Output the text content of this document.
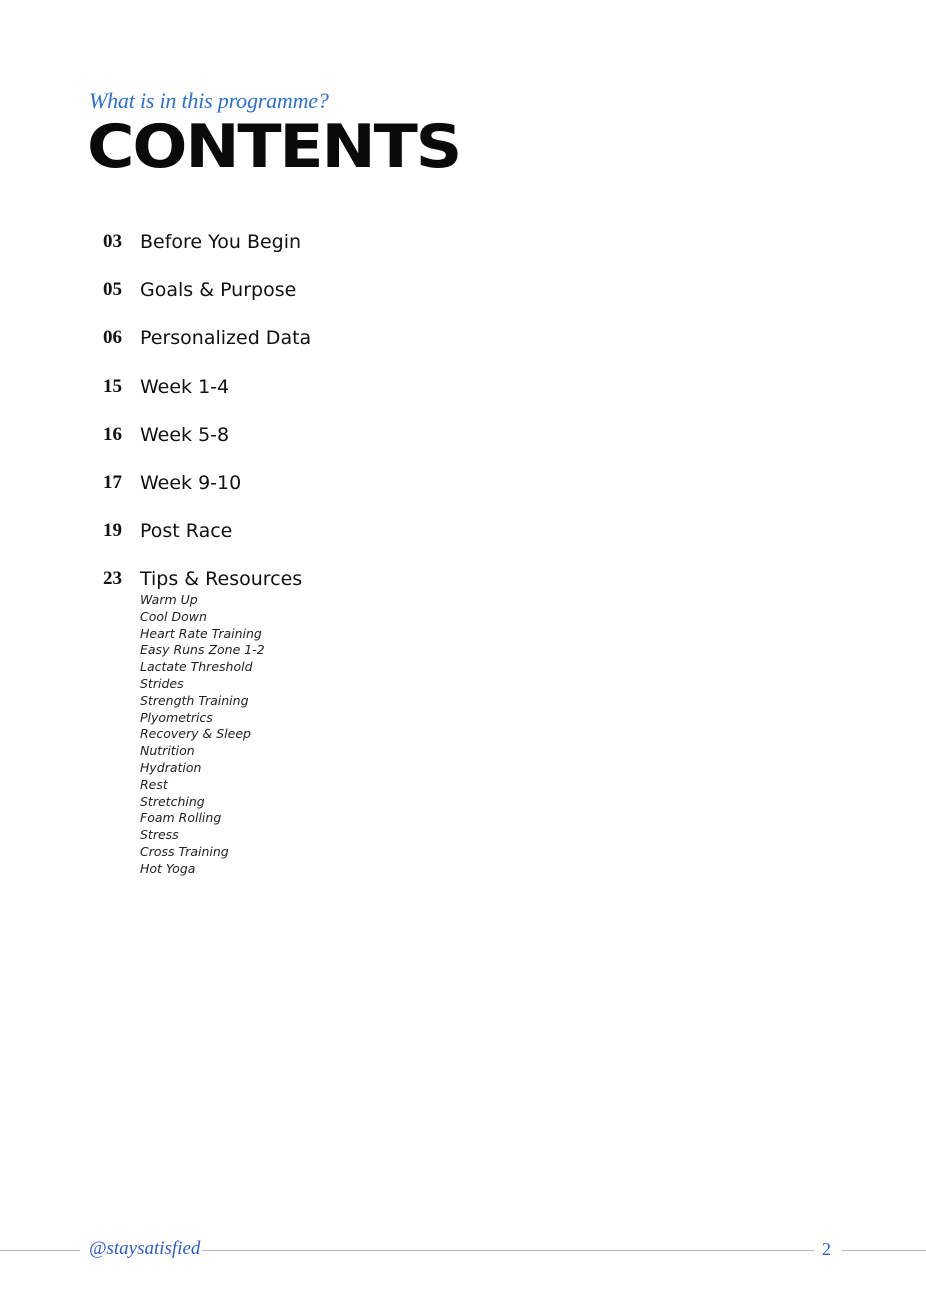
What is in this programme?
CONTENTS
03 Before You Begin
05 Goals & Purpose
06 Personalized Data
15 Week 1-4
16 Week 5-8
17 Week 9-10
19 Post Race
23 Tips & Resources
Warm Up
Cool Down
Heart Rate Training
Easy Runs Zone 1-2
Lactate Threshold
Strides
Strength Training
Plyometrics
Recovery & Sleep
Nutrition
Hydration
Rest
Stretching
Foam Rolling
Stress
Cross Training
Hot Yoga
@staysatisfied	2
